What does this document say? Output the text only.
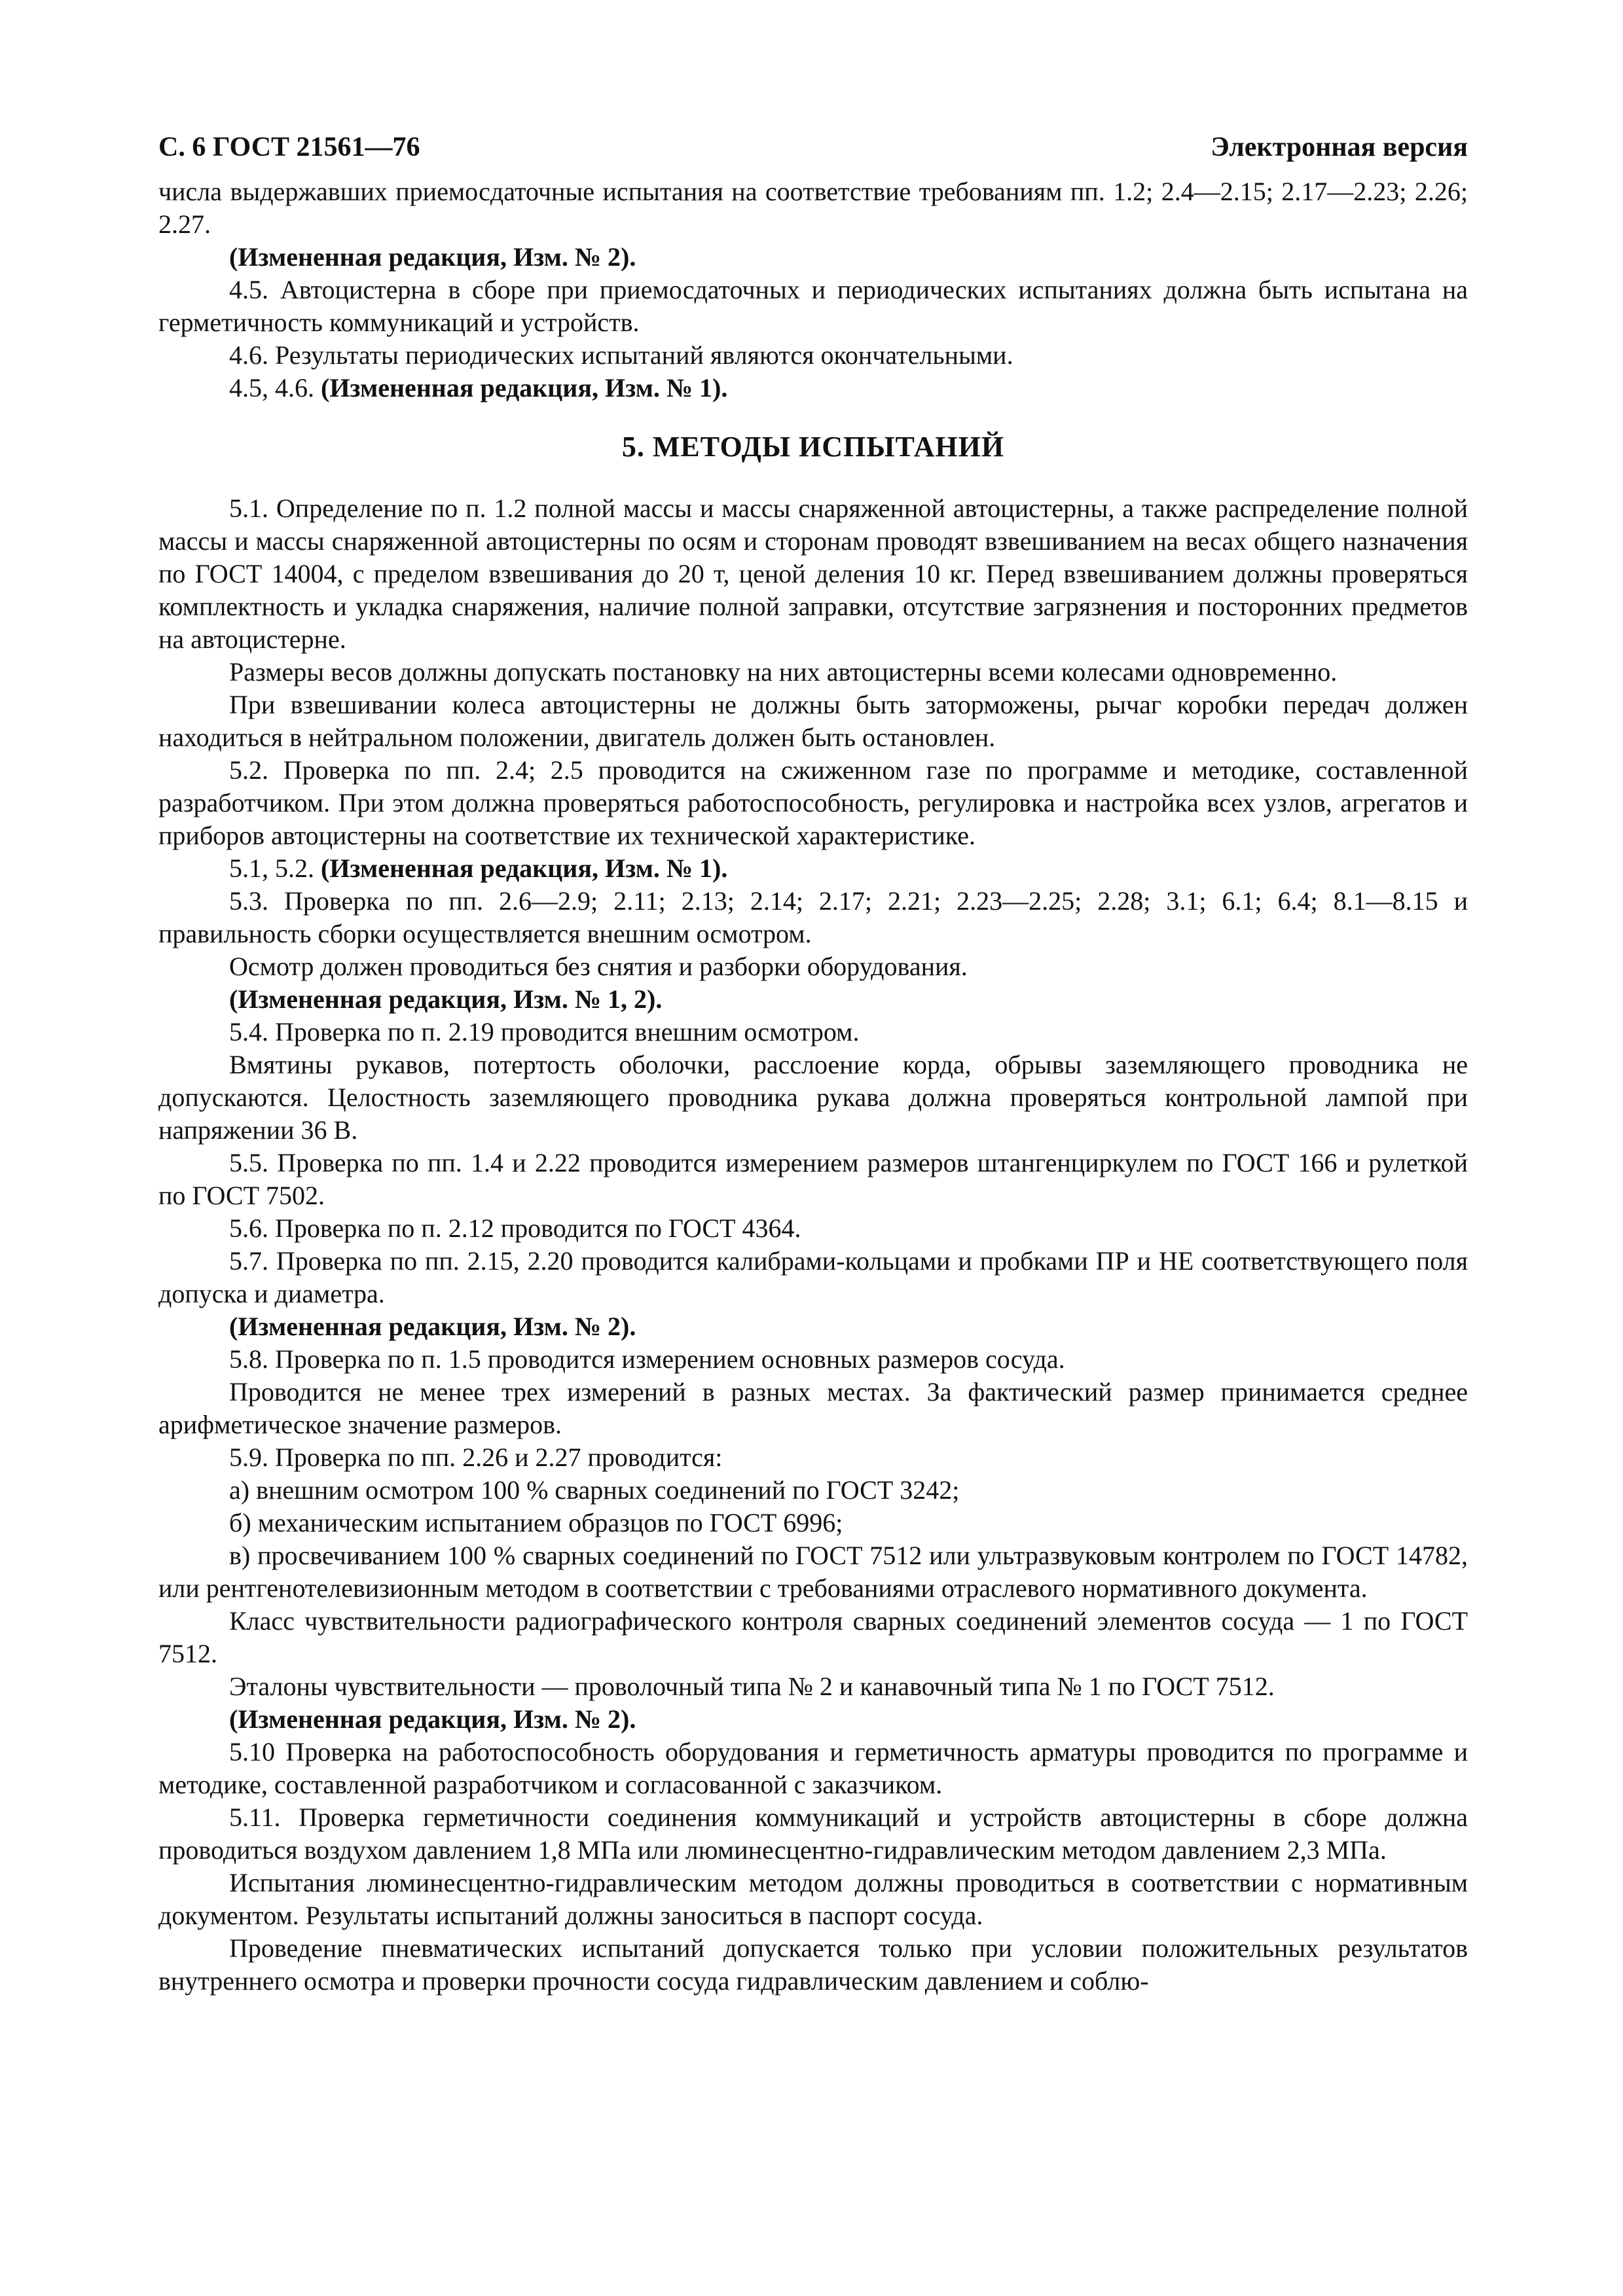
С. 6 ГОСТ 21561—76	Электронная версия

числа выдержавших приемосдаточные испытания на соответствие требованиям пп. 1.2; 2.4—2.15; 2.17—2.23; 2.26; 2.27.

(Измененная редакция, Изм. № 2).

4.5. Автоцистерна в сборе при приемосдаточных и периодических испытаниях должна быть испытана на герметичность коммуникаций и устройств.

4.6. Результаты периодических испытаний являются окончательными.

4.5, 4.6. (Измененная редакция, Изм. № 1).

5. МЕТОДЫ ИСПЫТАНИЙ

5.1. Определение по п. 1.2 полной массы и массы снаряженной автоцистерны, а также распределение полной массы и массы снаряженной автоцистерны по осям и сторонам проводят взвешиванием на весах общего назначения по ГОСТ 14004, с пределом взвешивания до 20 т, ценой деления 10 кг. Перед взвешиванием должны проверяться комплектность и укладка снаряжения, наличие полной заправки, отсутствие загрязнения и посторонних предметов на автоцистерне.

Размеры весов должны допускать постановку на них автоцистерны всеми колесами одновременно.

При взвешивании колеса автоцистерны не должны быть заторможены, рычаг коробки передач должен находиться в нейтральном положении, двигатель должен быть остановлен.

5.2. Проверка по пп. 2.4; 2.5 проводится на сжиженном газе по программе и методике, составленной разработчиком. При этом должна проверяться работоспособность, регулировка и настройка всех узлов, агрегатов и приборов автоцистерны на соответствие их технической характеристике.

5.1, 5.2. (Измененная редакция, Изм. № 1).

5.3. Проверка по пп. 2.6—2.9; 2.11; 2.13; 2.14; 2.17; 2.21; 2.23—2.25; 2.28; 3.1; 6.1; 6.4; 8.1—8.15 и правильность сборки осуществляется внешним осмотром.

Осмотр должен проводиться без снятия и разборки оборудования.

(Измененная редакция, Изм. № 1, 2).

5.4. Проверка по п. 2.19 проводится внешним осмотром.

Вмятины рукавов, потертость оболочки, расслоение корда, обрывы заземляющего проводника не допускаются. Целостность заземляющего проводника рукава должна проверяться контрольной лампой при напряжении 36 В.

5.5. Проверка по пп. 1.4 и 2.22 проводится измерением размеров штангенциркулем по ГОСТ 166 и рулеткой по ГОСТ 7502.

5.6. Проверка по п. 2.12 проводится по ГОСТ 4364.

5.7. Проверка по пп. 2.15, 2.20 проводится калибрами-кольцами и пробками ПР и НЕ соответствующего поля допуска и диаметра.

(Измененная редакция, Изм. № 2).

5.8. Проверка по п. 1.5 проводится измерением основных размеров сосуда.

Проводится не менее трех измерений в разных местах. За фактический размер принимается среднее арифметическое значение размеров.

5.9. Проверка по пп. 2.26 и 2.27 проводится:

а) внешним осмотром 100 % сварных соединений по ГОСТ 3242;

б) механическим испытанием образцов по ГОСТ 6996;

в) просвечиванием 100 % сварных соединений по ГОСТ 7512 или ультразвуковым контролем по ГОСТ 14782, или рентгенотелевизионным методом в соответствии с требованиями отраслевого нормативного документа.

Класс чувствительности радиографического контроля сварных соединений элементов сосуда — 1 по ГОСТ 7512.

Эталоны чувствительности — проволочный типа № 2 и канавочный типа № 1 по ГОСТ 7512.

(Измененная редакция, Изм. № 2).

5.10 Проверка на работоспособность оборудования и герметичность арматуры проводится по программе и методике, составленной разработчиком и согласованной с заказчиком.

5.11. Проверка герметичности соединения коммуникаций и устройств автоцистерны в сборе должна проводиться воздухом давлением 1,8 МПа или люминесцентно-гидравлическим методом давлением 2,3 МПа.

Испытания люминесцентно-гидравлическим методом должны проводиться в соответствии с нормативным документом. Результаты испытаний должны заноситься в паспорт сосуда.

Проведение пневматических испытаний допускается только при условии положительных результатов внутреннего осмотра и проверки прочности сосуда гидравлическим давлением и соблю-
